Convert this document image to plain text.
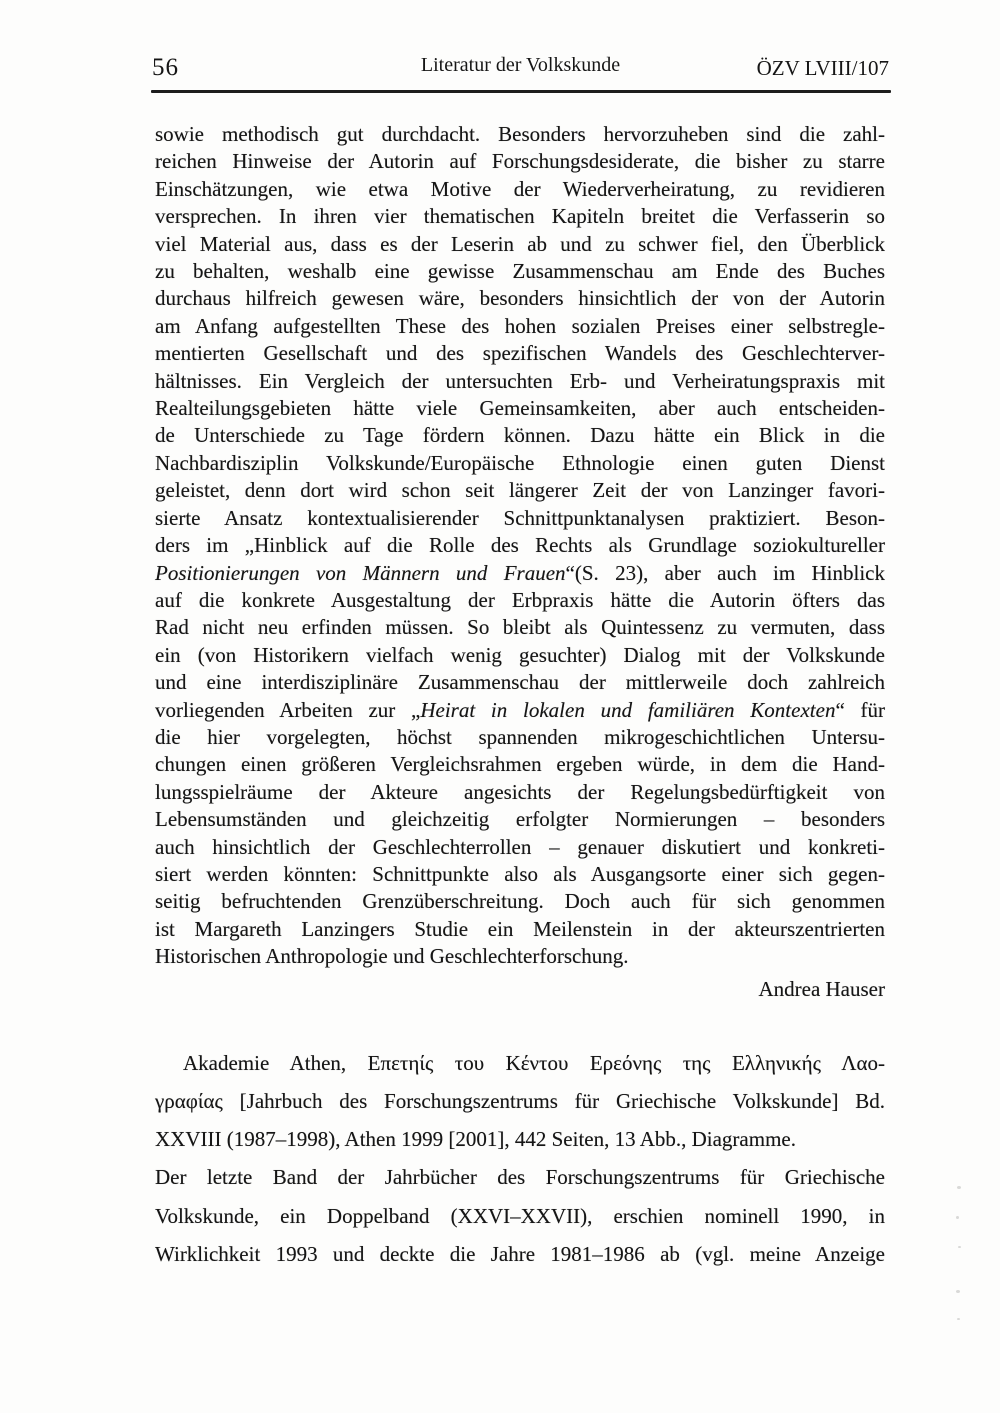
56	Literatur der Volkskunde	ÖZV LVIII/107
sowie methodisch gut durchdacht. Besonders hervorzuheben sind die zahl-
reichen Hinweise der Autorin auf Forschungsdesiderate, die bisher zu starre
Einschätzungen, wie etwa Motive der Wiederverheiratung, zu revidieren
versprechen. In ihren vier thematischen Kapiteln breitet die Verfasserin so
viel Material aus, dass es der Leserin ab und zu schwer fiel, den Überblick
zu behalten, weshalb eine gewisse Zusammenschau am Ende des Buches
durchaus hilfreich gewesen wäre, besonders hinsichtlich der von der Autorin
am Anfang aufgestellten These des hohen sozialen Preises einer selbstregle-
mentierten Gesellschaft und des spezifischen Wandels des Geschlechterver-
hältnisses. Ein Vergleich der untersuchten Erb- und Verheiratungspraxis mit
Realteilungsgebieten hätte viele Gemeinsamkeiten, aber auch entscheiden-
de Unterschiede zu Tage fördern können. Dazu hätte ein Blick in die
Nachbardisziplin Volkskunde/Europäische Ethnologie einen guten Dienst
geleistet, denn dort wird schon seit längerer Zeit der von Lanzinger favori-
sierte Ansatz kontextualisierender Schnittpunktanalysen praktiziert. Beson-
ders im „Hinblick auf die Rolle des Rechts als Grundlage soziokultureller
Positionierungen von Männern und Frauen“(S. 23), aber auch im Hinblick
auf die konkrete Ausgestaltung der Erbpraxis hätte die Autorin öfters das
Rad nicht neu erfinden müssen. So bleibt als Quintessenz zu vermuten, dass
ein (von Historikern vielfach wenig gesuchter) Dialog mit der Volkskunde
und eine interdisziplinäre Zusammenschau der mittlerweile doch zahlreich
vorliegenden Arbeiten zur „Heirat in lokalen und familiären Kontexten“ für
die hier vorgelegten, höchst spannenden mikrogeschichtlichen Untersu-
chungen einen größeren Vergleichsrahmen ergeben würde, in dem die Hand-
lungsspielräume der Akteure angesichts der Regelungsbedürftigkeit von
Lebensumständen und gleichzeitig erfolgter Normierungen – besonders
auch hinsichtlich der Geschlechterrollen – genauer diskutiert und konkreti-
siert werden könnten: Schnittpunkte also als Ausgangsorte einer sich gegen-
seitig befruchtenden Grenzüberschreitung. Doch auch für sich genommen
ist Margareth Lanzingers Studie ein Meilenstein in der akteurszentrierten
Historischen Anthropologie und Geschlechterforschung.
Andrea Hauser
Akademie Athen, Επετηίς του Κέντου Ερεόνης της Ελληνικής Λαο-
γραφίας [Jahrbuch des Forschungszentrums für Griechische Volkskunde] Bd.
XXVIII (1987–1998), Athen 1999 [2001], 442 Seiten, 13 Abb., Diagramme.
Der letzte Band der Jahrbücher des Forschungszentrums für Griechische
Volkskunde, ein Doppelband (XXVI–XXVII), erschien nominell 1990, in
Wirklichkeit 1993 und deckte die Jahre 1981–1986 ab (vgl. meine Anzeige
